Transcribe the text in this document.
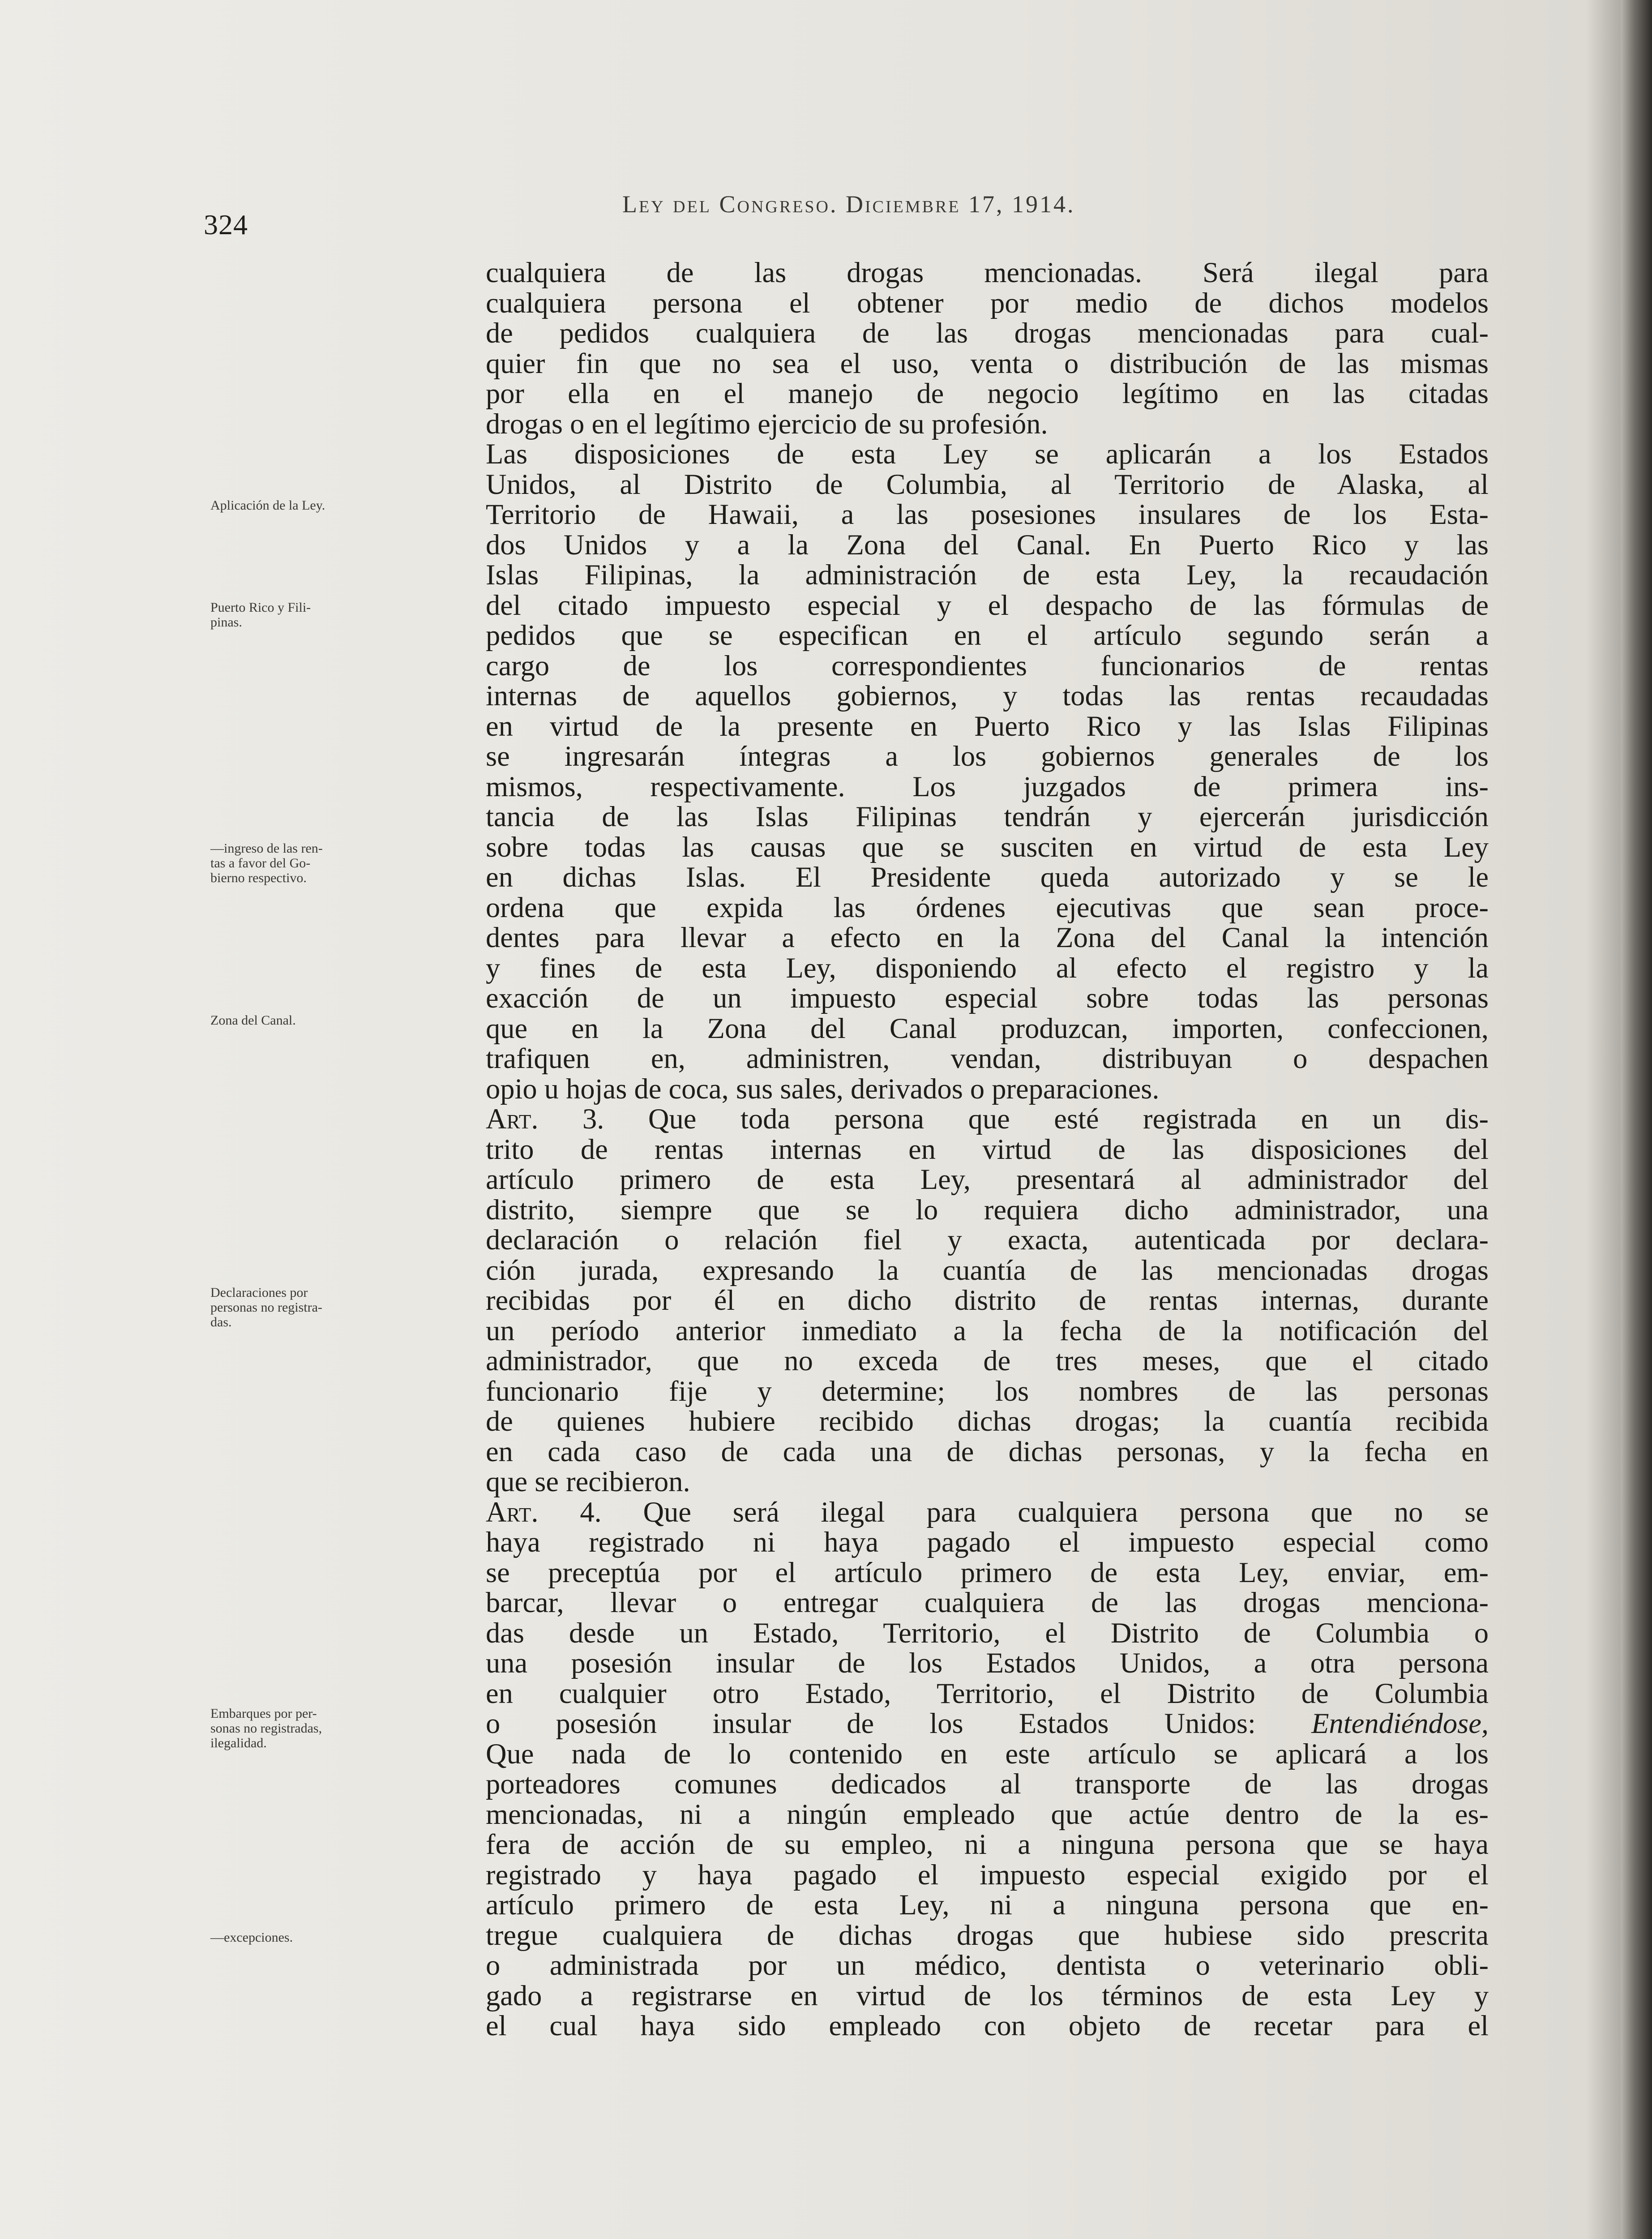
324
Ley del Congreso. Diciembre 17, 1914.
Aplicación de la Ley.
Puerto Rico y Fili-
pinas.
—ingreso de las ren-
tas a favor del Go-
bierno respectivo.
Zona del Canal.
Declaraciones por
personas no registra-
das.
Embarques por per-
sonas no registradas,
ilegalidad.
—excepciones.
cualquiera de las drogas mencionadas. Será ilegal para
cualquiera persona el obtener por medio de dichos modelos
de pedidos cualquiera de las drogas mencionadas para cual-
quier fin que no sea el uso, venta o distribución de las mismas
por ella en el manejo de negocio legítimo en las citadas
drogas o en el legítimo ejercicio de su profesión.
Las disposiciones de esta Ley se aplicarán a los Estados
Unidos, al Distrito de Columbia, al Territorio de Alaska, al
Territorio de Hawaii, a las posesiones insulares de los Esta-
dos Unidos y a la Zona del Canal. En Puerto Rico y las
Islas Filipinas, la administración de esta Ley, la recaudación
del citado impuesto especial y el despacho de las fórmulas de
pedidos que se especifican en el artículo segundo serán a
cargo de los correspondientes funcionarios de rentas
internas de aquellos gobiernos, y todas las rentas recaudadas
en virtud de la presente en Puerto Rico y las Islas Filipinas
se ingresarán íntegras a los gobiernos generales de los
mismos, respectivamente. Los juzgados de primera ins-
tancia de las Islas Filipinas tendrán y ejercerán jurisdicción
sobre todas las causas que se susciten en virtud de esta Ley
en dichas Islas. El Presidente queda autorizado y se le
ordena que expida las órdenes ejecutivas que sean proce-
dentes para llevar a efecto en la Zona del Canal la intención
y fines de esta Ley, disponiendo al efecto el registro y la
exacción de un impuesto especial sobre todas las personas
que en la Zona del Canal produzcan, importen, confeccionen,
trafiquen en, administren, vendan, distribuyan o despachen
opio u hojas de coca, sus sales, derivados o preparaciones.
Art. 3. Que toda persona que esté registrada en un dis-
trito de rentas internas en virtud de las disposiciones del
artículo primero de esta Ley, presentará al administrador del
distrito, siempre que se lo requiera dicho administrador, una
declaración o relación fiel y exacta, autenticada por declara-
ción jurada, expresando la cuantía de las mencionadas drogas
recibidas por él en dicho distrito de rentas internas, durante
un período anterior inmediato a la fecha de la notificación del
administrador, que no exceda de tres meses, que el citado
funcionario fije y determine; los nombres de las personas
de quienes hubiere recibido dichas drogas; la cuantía recibida
en cada caso de cada una de dichas personas, y la fecha en
que se recibieron.
Art. 4. Que será ilegal para cualquiera persona que no se
haya registrado ni haya pagado el impuesto especial como
se preceptúa por el artículo primero de esta Ley, enviar, em-
barcar, llevar o entregar cualquiera de las drogas menciona-
das desde un Estado, Territorio, el Distrito de Columbia o
una posesión insular de los Estados Unidos, a otra persona
en cualquier otro Estado, Territorio, el Distrito de Columbia
o posesión insular de los Estados Unidos: Entendiéndose,
Que nada de lo contenido en este artículo se aplicará a los
porteadores comunes dedicados al transporte de las drogas
mencionadas, ni a ningún empleado que actúe dentro de la es-
fera de acción de su empleo, ni a ninguna persona que se haya
registrado y haya pagado el impuesto especial exigido por el
artículo primero de esta Ley, ni a ninguna persona que en-
tregue cualquiera de dichas drogas que hubiese sido prescrita
o administrada por un médico, dentista o veterinario obli-
gado a registrarse en virtud de los términos de esta Ley y
el cual haya sido empleado con objeto de recetar para el
